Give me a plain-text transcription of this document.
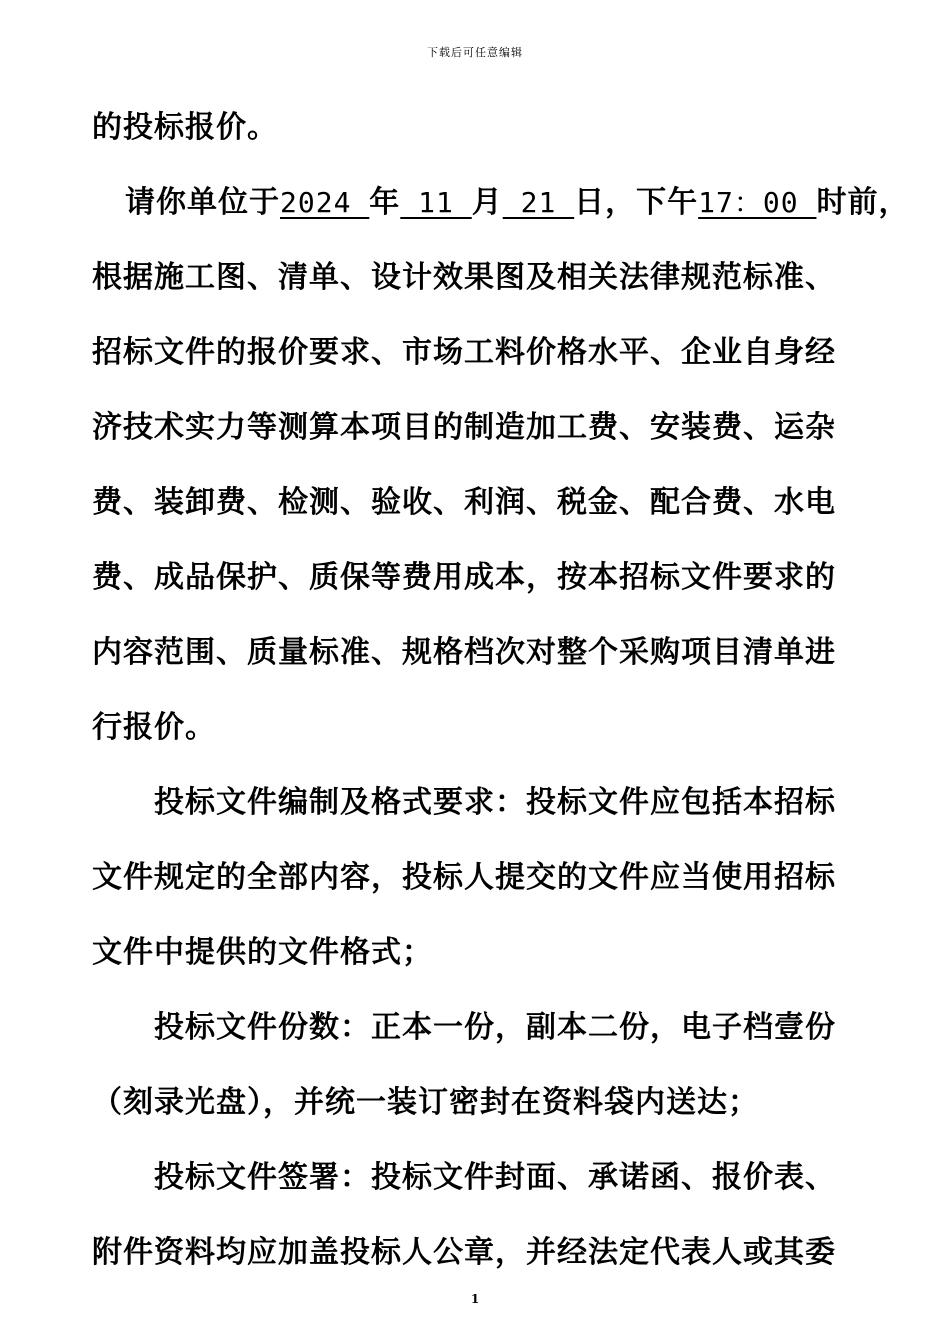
下载后可任意编辑
的投标报价。
请你单位于2024 年 11 月 21 日，下午17：00 时前，
根据施工图、清单、设计效果图及相关法律规范标准、
招标文件的报价要求、市场工料价格水平、企业自身经
济技术实力等测算本项目的制造加工费、安装费、运杂
费、装卸费、检测、验收、利润、税金、配合费、水电
费、成品保护、质保等费用成本，按本招标文件要求的
内容范围、质量标准、规格档次对整个采购项目清单进
行报价。
投标文件编制及格式要求：投标文件应包括本招标
文件规定的全部内容，投标人提交的文件应当使用招标
文件中提供的文件格式；
投标文件份数：正本一份，副本二份，电子档壹份
（刻录光盘），并统一装订密封在资料袋内送达；
投标文件签署：投标文件封面、承诺函、报价表、
附件资料均应加盖投标人公章，并经法定代表人或其委
1
